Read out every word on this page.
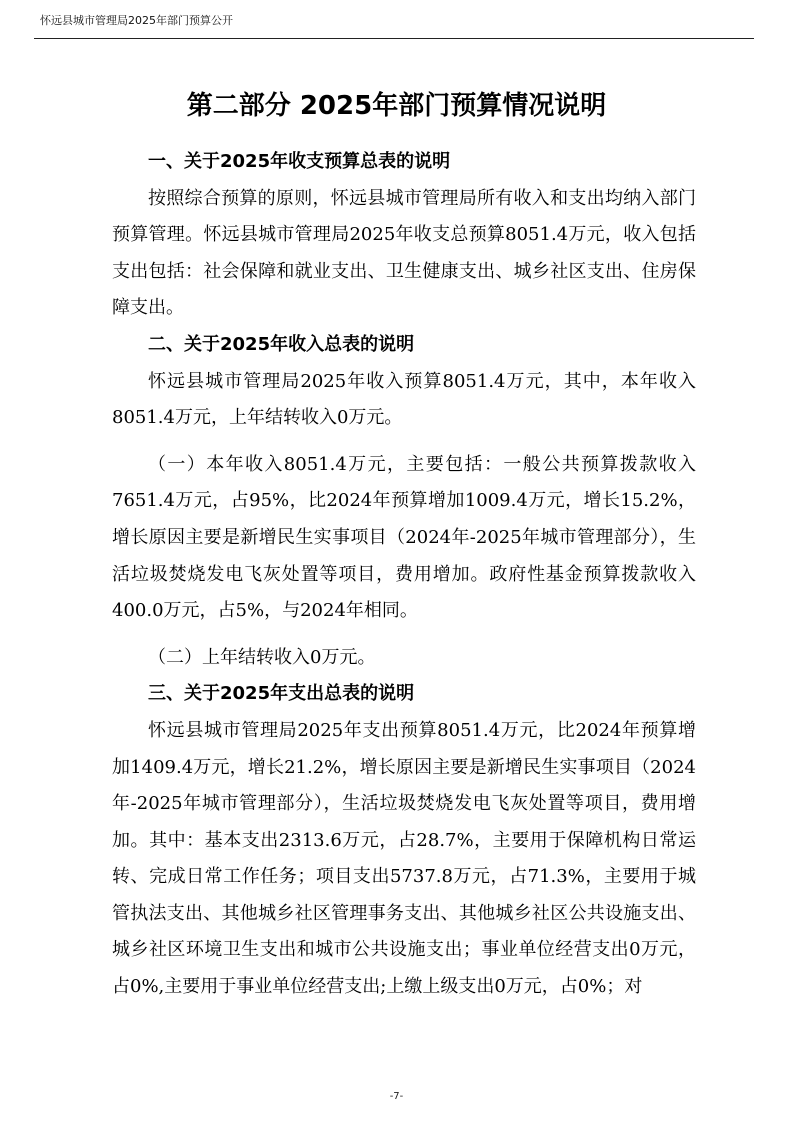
怀远县城市管理局2025年部门预算公开
第二部分 2025年部门预算情况说明

一、关于2025年收支预算总表的说明

按照综合预算的原则，怀远县城市管理局所有收入和支出均纳入部门预算管理。怀远县城市管理局2025年收支总预算8051.4万元，收入包括支出包括：社会保障和就业支出、卫生健康支出、城乡社区支出、住房保障支出。

二、关于2025年收入总表的说明

怀远县城市管理局2025年收入预算8051.4万元，其中，本年收入8051.4万元，上年结转收入0万元。

（一）本年收入8051.4万元，主要包括：一般公共预算拨款收入7651.4万元，占95%，比2024年预算增加1009.4万元，增长15.2%，增长原因主要是新增民生实事项目（2024年-2025年城市管理部分），生活垃圾焚烧发电飞灰处置等项目，费用增加。政府性基金预算拨款收入400.0万元，占5%，与2024年相同。

（二）上年结转收入0万元。

三、关于2025年支出总表的说明

怀远县城市管理局2025年支出预算8051.4万元，比2024年预算增加1409.4万元，增长21.2%，增长原因主要是新增民生实事项目（2024年-2025年城市管理部分），生活垃圾焚烧发电飞灰处置等项目，费用增加。其中：基本支出2313.6万元，占28.7%，主要用于保障机构日常运转、完成日常工作任务；项目支出5737.8万元，占71.3%，主要用于城管执法支出、其他城乡社区管理事务支出、其他城乡社区公共设施支出、城乡社区环境卫生支出和城市公共设施支出；事业单位经营支出0万元，占0%,主要用于事业单位经营支出;上缴上级支出0万元，占0%；对

-7-
